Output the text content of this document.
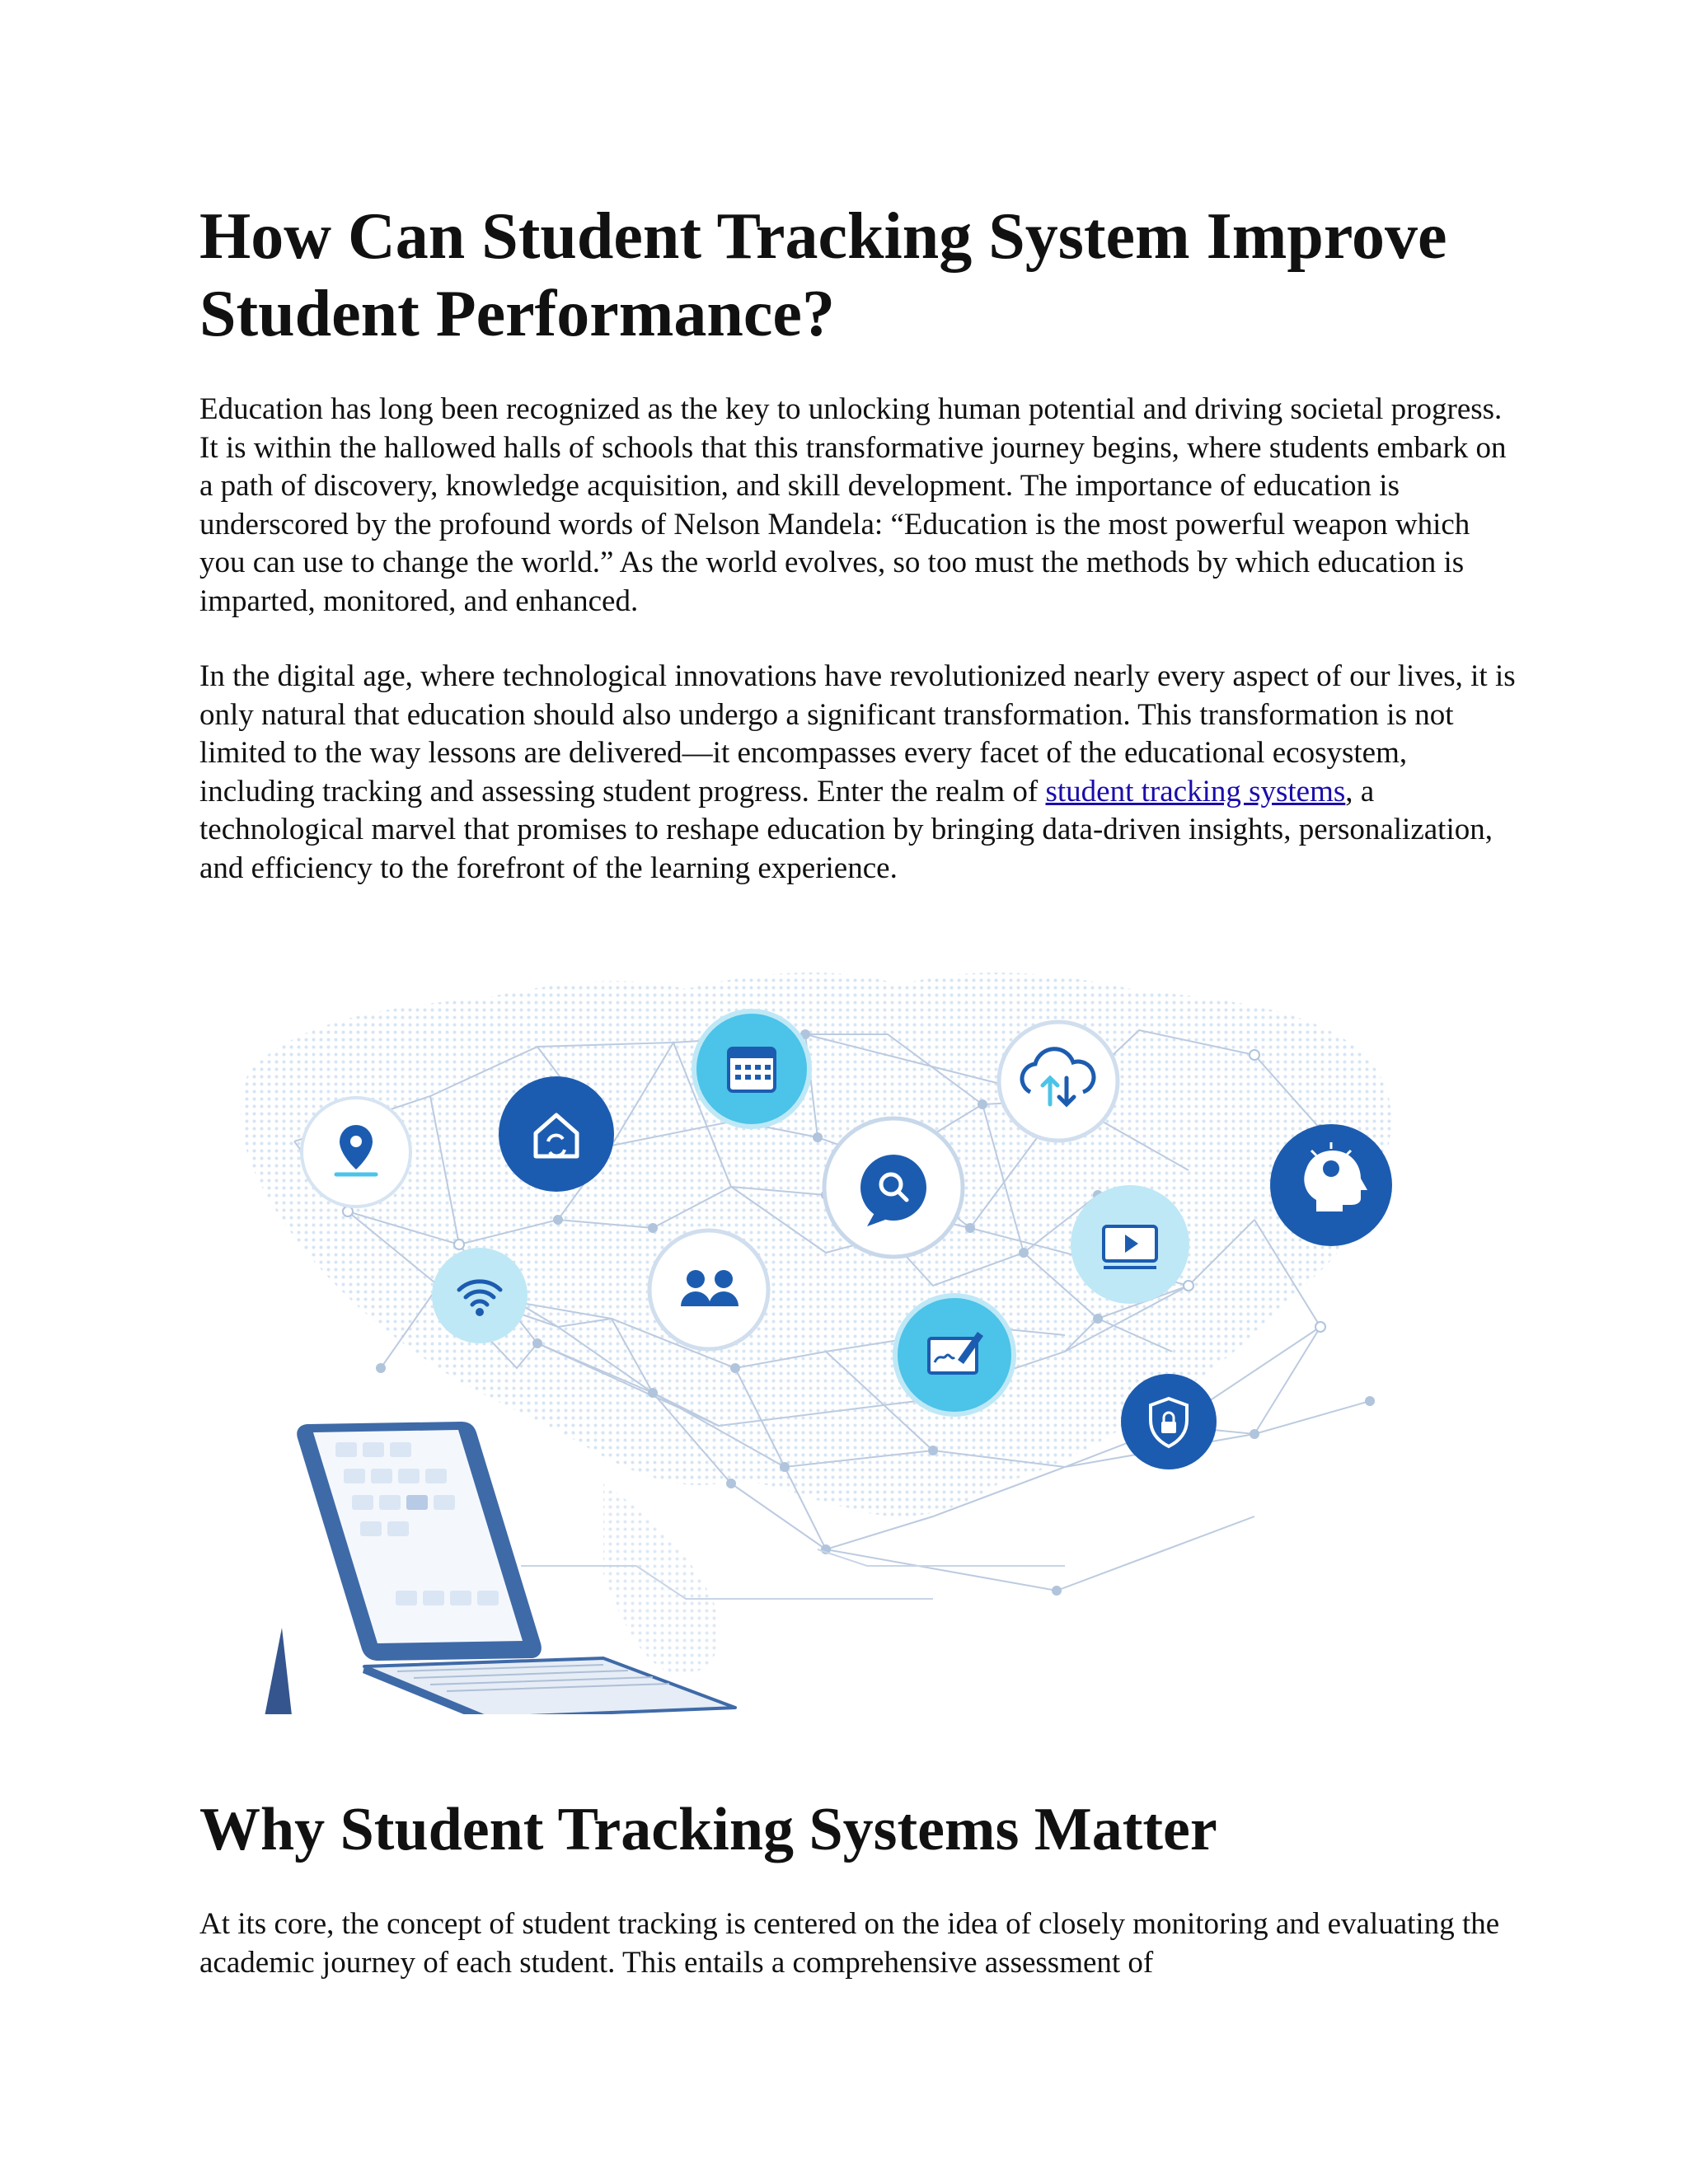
How Can Student Tracking System Improve Student Performance?

Education has long been recognized as the key to unlocking human potential and driving societal progress. It is within the hallowed halls of schools that this transformative journey begins, where students embark on a path of discovery, knowledge acquisition, and skill development. The importance of education is underscored by the profound words of Nelson Mandela: “Education is the most powerful weapon which you can use to change the world.” As the world evolves, so too must the methods by which education is imparted, monitored, and enhanced.

In the digital age, where technological innovations have revolutionized nearly every aspect of our lives, it is only natural that education should also undergo a significant transformation. This transformation is not limited to the way lessons are delivered—it encompasses every facet of the educational ecosystem, including tracking and assessing student progress. Enter the realm of student tracking systems, a technological marvel that promises to reshape education by bringing data-driven insights, personalization, and efficiency to the forefront of the learning experience.

Why Student Tracking Systems Matter

At its core, the concept of student tracking is centered on the idea of closely monitoring and evaluating the academic journey of each student. This entails a comprehensive assessment of
